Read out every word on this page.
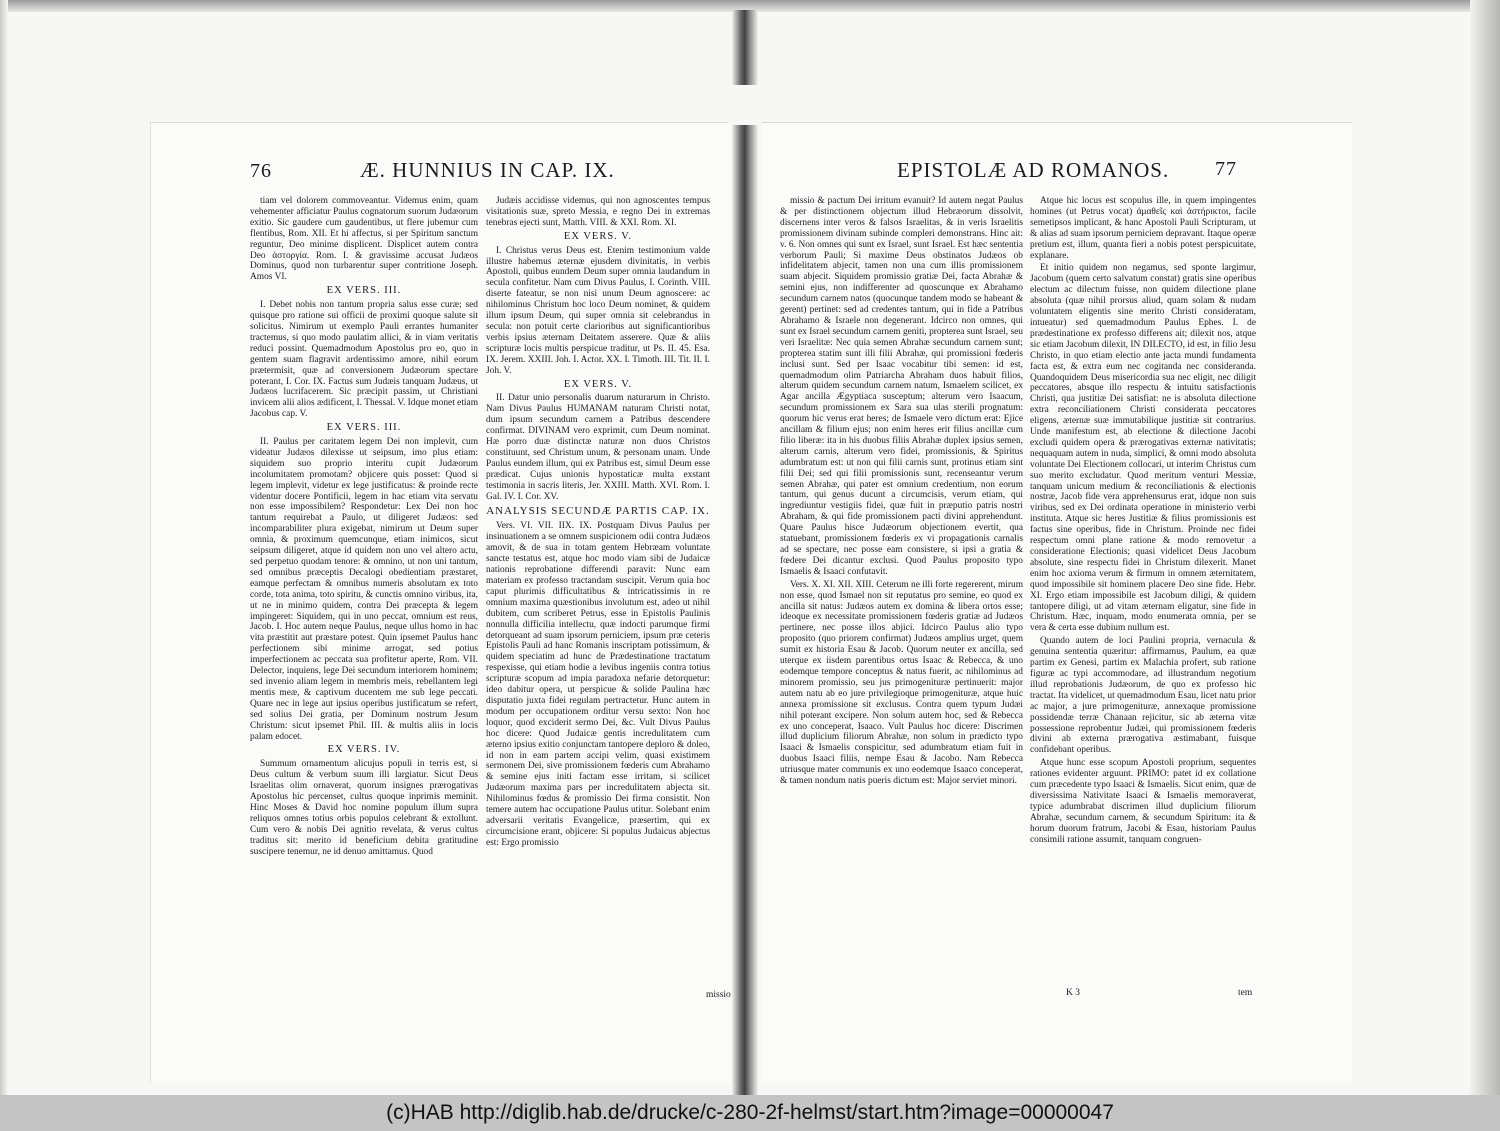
76	Æ. HUNNIUS IN CAP. IX.	EPISTOLÆ AD ROMANOS. 77

tiam vel dolorem commoveantur. Videmus enim, quam vehementer afficiatur Paulus cognatorum suorum Judæorum exitio. Sic gaudere cum gaudentibus, ut flere jubemur cum flentibus, Rom. XII. Et hi affectus, si per Spiritum sanctum reguntur, Deo minime displicent. Displicet autem contra Deo ἀστοργία. Rom. I. & gravissime accusat Judæos Dominus, quod non turbarentur super contritione Joseph. Amos VI.

EX VERS. III.

I. Debet nobis non tantum propria salus esse curæ; sed quisque pro ratione sui officii de proximi quoque salute sit solicitus. Nimirum ut exemplo Pauli errantes humaniter tractemus, si quo modo paulatim allici, & in viam veritatis reduci possint. Quemadmodum Apostolus pro eo, quo in gentem suam flagravit ardentissimo amore, nihil eorum prætermisit, quæ ad conversionem Judæorum spectare poterant, I. Cor. IX. Factus sum Judæis tanquam Judæus, ut Judæos lucrifacerem. Sic præcipit passim, ut Christiani invicem alii alios ædificent, I. Thessal. V. Idque monet etiam Jacobus cap. V.

EX VERS. III.

II. Paulus per caritatem legem Dei non implevit, cum videatur Judæos dilexisse ut seipsum, imo plus etiam: siquidem suo proprio interitu cupit Judæorum incolumitatem promotam? objicere quis posset: Quod si legem implevit, videtur ex lege justificatus: & proinde recte videntur docere Pontificii, legem in hac etiam vita servatu non esse impossibilem? Respondetur: Lex Dei non hoc tantum requirebat a Paulo, ut diligeret Judæos: sed incomparabiliter plura exigebat, nimirum ut Deum super omnia, & proximum quemcunque, etiam inimicos, sicut seipsum diligeret, atque id quidem non uno vel altero actu, sed perpetuo quodam tenore: & omnino, ut non uni tantum, sed omnibus præceptis Decalogi obedientiam præstaret, eamque perfectam & omnibus numeris absolutam ex toto corde, tota anima, toto spiritu, & cunctis omnino viribus, ita, ut ne in minimo quidem, contra Dei præcepta & legem impingeret: Siquidem, qui in uno peccat, omnium est reus, Jacob. I. Hoc autem neque Paulus, neque ullus homo in hac vita præstitit aut præstare potest. Quin ipsemet Paulus hanc perfectionem sibi minime arrogat, sed potius imperfectionem ac peccata sua profitetur aperte, Rom. VII. Delector, inquiens, lege Dei secundum interiorem hominem; sed invenio aliam legem in membris meis, rebellantem legi mentis meæ, & captivum ducentem me sub lege peccati. Quare nec in lege aut ipsius operibus justificatum se refert, sed solius Dei gratia, per Dominum nostrum Jesum Christum: sicut ipsemet Phil. III. & multis aliis in locis palam edocet.

EX VERS. IV.

Summum ornamentum alicujus populi in terris est, si Deus cultum & verbum suum illi largiatur. Sicut Deus Israelitas olim ornaverat, quorum insignes prærogativas Apostolus hic percenset, cultus quoque inprimis meminit. Hinc Moses & David hoc nomine populum illum supra reliquos omnes totius orbis populos celebrant & extollunt. Cum vero & nobis Dei agnitio revelata, & verus cultus traditus sit: merito id beneficium debita gratitudine suscipere tenemur, ne id denuo amittamus. Quod

Judæis accidisse videmus, qui non agnoscentes tempus visitationis suæ, spreto Messia, e regno Dei in extremas tenebras ejecti sunt, Matth. VIII. & XXI. Rom. XI.

EX VERS. V.

I. Christus verus Deus est. Etenim testimonium valde illustre habemus æternæ ejusdem divinitatis, in verbis Apostoli, quibus eundem Deum super omnia laudandum in secula confitetur. Nam cum Divus Paulus, I. Corinth. VIII. diserte fateatur, se non nisi unum Deum agnoscere: ac nihilominus Christum hoc loco Deum nominet, & quidem illum ipsum Deum, qui super omnia sit celebrandus in secula: non potuit certe clarioribus aut significantioribus verbis ipsius æternam Deitatem asserere. Quæ & aliis scripturæ locis multis perspicue traditur, ut Ps. II. 45. Esa. IX. Jerem. XXIII. Joh. I. Actor. XX. I. Timoth. III. Tit. II. I. Joh. V.

EX VERS. V.

II. Datur unio personalis duarum naturarum in Christo. Nam Divus Paulus HUMANAM naturam Christi notat, dum ipsum secundum carnem a Patribus descendere confirmat. DIVINAM vero exprimit, cum Deum nominat. Hæ porro duæ distinctæ naturæ non duos Christos constituunt, sed Christum unum, & personam unam. Unde Paulus eundem illum, qui ex Patribus est, simul Deum esse prædicat. Cujus unionis hypostaticæ multa exstant testimonia in sacris literis, Jer. XXIII. Matth. XVI. Rom. I. Gal. IV. I. Cor. XV.

ANALYSIS SECUNDÆ PARTIS CAP. IX.

Vers. VI. VII. IIX. IX. Postquam Divus Paulus per insinuationem a se omnem suspicionem odii contra Judæos amovit, & de sua in totam gentem Hebræam voluntate sancte testatus est, atque hoc modo viam sibi de Judaicæ nationis reprobatione differendi paravit: Nunc eam materiam ex professo tractandam suscipit. Verum quia hoc caput plurimis difficultatibus & intricatissimis in re omnium maxima quæstionibus involutum est, adeo ut nihil dubitem, cum scriberet Petrus, esse in Epistolis Paulinis nonnulla difficilia intellectu, quæ indocti parumque firmi detorqueant ad suam ipsorum perniciem, ipsum præ ceteris Epistolis Pauli ad hanc Romanis inscriptam potissimum, & quidem speciatim ad hunc de Prædestinatione tractatum respexisse, qui etiam hodie a levibus ingeniis contra totius scripturæ scopum ad impia paradoxa nefarie detorquetur: ideo dabitur opera, ut perspicue & solide Paulina hæc disputatio juxta fidei regulam pertractetur. Hunc autem in modum per occupationem orditur versu sexto: Non hoc loquor, quod exciderit sermo Dei, &c. Vult Divus Paulus hoc dicere: Quod Judaicæ gentis incredulitatem cum æterno ipsius exitio conjunctam tantopere deploro & doleo, id non in eam partem accipi velim, quasi existimem sermonem Dei, sive promissionem fœderis cum Abrahamo & semine ejus initi factam esse irritam, si scilicet Judæorum maxima pars per incredulitatem abjecta sit. Nihilominus fœdus & promissio Dei firma consistit. Non temere autem hac occupatione Paulus utitur. Solebant enim adversarii veritatis Evangelicæ, præsertim, qui ex circumcisione erant, objicere: Si populus Judaicus abjectus est: Ergo promissio

missio & pactum Dei irritum evanuit? Id autem negat Paulus & per distinctionem objectum illud Hebræorum dissolvit, discernens inter veros & falsos Israelitas, & in veris Israelitis promissionem divinam subinde compleri demonstrans. Hinc ait: v. 6. Non omnes qui sunt ex Israel, sunt Israel. Est hæc sententia verborum Pauli; Si maxime Deus obstinatos Judæos ob infidelitatem abjecit, tamen non una cum illis promissionem suam abjecit. Siquidem promissio gratiæ Dei, facta Abrahæ & semini ejus, non indifferenter ad quoscunque ex Abrahamo secundum carnem natos (quocunque tandem modo se habeant & gerent) pertinet: sed ad credentes tantum, qui in fide a Patribus Abrahamo & Israele non degenerant. Idcirco non omnes, qui sunt ex Israel secundum carnem geniti, propterea sunt Israel, seu veri Israelitæ: Nec quia semen Abrahæ secundum carnem sunt; propterea statim sunt illi filii Abrahæ, qui promissioni fœderis inclusi sunt. Sed per Isaac vocabitur tibi semen: id est, quemadmodum olim Patriarcha Abraham duos habuit filios, alterum quidem secundum carnem natum, Ismaelem scilicet, ex Agar ancilla Ægyptiaca susceptum; alterum vero Isaacum, secundum promissionem ex Sara sua ulas sterili prognatum: quorum hic verus erat heres; de Ismaele vero dictum erat: Ejice ancillam & filium ejus; non enim heres erit filius ancillæ cum filio liberæ: ita in his duobus filiis Abrahæ duplex ipsius semen, alterum carnis, alterum vero fidei, promissionis, & Spiritus adumbratum est: ut non qui filii carnis sunt, protinus etiam sint filii Dei; sed qui filii promissionis sunt, recenseantur verum semen Abrahæ, qui pater est omnium credentium, non eorum tantum, qui genus ducunt a circumcisis, verum etiam, qui ingrediuntur vestigiis fidei, quæ fuit in præputio patris nostri Abraham, & qui fide promissionem pacti divini apprehendunt. Quare Paulus hisce Judæorum objectionem evertit, qua statuebant, promissionem fœderis ex vi propagationis carnalis ad se spectare, nec posse eam consistere, si ipsi a gratia & fœdere Dei dicantur exclusi. Quod Paulus proposito typo Ismaelis & Isaaci confutavit.

Vers. X. XI. XII. XIII. Ceterum ne illi forte regererent, mirum non esse, quod Ismael non sit reputatus pro semine, eo quod ex ancilla sit natus: Judæos autem ex domina & libera ortos esse; ideoque ex necessitate promissionem fœderis gratiæ ad Judæos pertinere, nec posse illos abjici. Idcirco Paulus alio typo proposito (quo priorem confirmat) Judæos amplius urget, quem sumit ex historia Esau & Jacob. Quorum neuter ex ancilla, sed uterque ex iisdem parentibus ortus Isaac & Rebecca, & uno eodemque tempore conceptus & natus fuerit, ac nihilominus ad minorem promissio, seu jus primogenituræ pertinuerit: major autem natu ab eo jure privilegioque primogenituræ, atque huic annexa promissione sit exclusus. Contra quem typum Judæi nihil poterant excipere. Non solum autem hoc, sed & Rebecca ex uno conceperat, Isaaco. Vult Paulus hoc dicere: Discrimen illud duplicium filiorum Abrahæ, non solum in prædicto typo Isaaci & Ismaelis conspicitur, sed adumbratum etiam fuit in duobus Isaaci filiis, nempe Esau & Jacobo. Nam Rebecca utriusque mater communis ex uno eodemque Isaaco conceperat, & tamen nondum natis pueris dictum est: Major serviet minori.

Atque hic locus est scopulus ille, in quem impingentes homines (ut Petrus vocat) ἀμαθεῖς καὶ ἀστήρικτοι, facile semetipsos implicant, & hanc Apostoli Pauli Scripturam, ut & alias ad suam ipsorum perniciem depravant. Itaque operæ pretium est, illum, quanta fieri a nobis potest perspicuitate, explanare.

Et initio quidem non negamus, sed sponte largimur, Jacobum (quem certo salvatum constat) gratis sine operibus electum ac dilectum fuisse, non quidem dilectione plane absoluta (quæ nihil prorsus aliud, quam solam & nudam voluntatem eligentis sine merito Christi consideratam, intueatur) sed quemadmodum Paulus Ephes. I. de prædestinatione ex professo differens ait; dilexit nos, atque sic etiam Jacobum dilexit, IN DILECTO, id est, in filio Jesu Christo, in quo etiam electio ante jacta mundi fundamenta facta est, & extra eum nec cogitanda nec consideranda. Quandoquidem Deus misericordia sua nec eligit, nec diligit peccatores, absque illo respectu & intuitu satisfactionis Christi, qua justitiæ Dei satisfiat: ne is absoluta dilectione extra reconciliationem Christi considerata peccatores eligens, æternæ suæ immutabilique justitiæ sit contrarius. Unde manifestum est, ab electione & dilectione Jacobi excludi quidem opera & prærogativas externæ nativitatis; nequaquam autem in nuda, simplici, & omni modo absoluta voluntate Dei Electionem collocari, ut interim Christus cum suo merito excludatur. Quod meritum venturi Messiæ, tanquam unicum medium & reconciliationis & electionis nostræ, Jacob fide vera apprehensurus erat, idque non suis viribus, sed ex Dei ordinata operatione in ministerio verbi instituta. Atque sic heres Justitiæ & filius promissionis est factus sine operibus, fide in Christum. Proinde nec fidei respectum omni plane ratione & modo removetur a consideratione Electionis; quasi videlicet Deus Jacobum absolute, sine respectu fidei in Christum dilexerit. Manet enim hoc axioma verum & firmum in omnem æternitatem, quod impossibile sit hominem placere Deo sine fide. Hebr. XI. Ergo etiam impossibile est Jacobum diligi, & quidem tantopere diligi, ut ad vitam æternam eligatur, sine fide in Christum. Hæc, inquam, modo enumerata omnia, per se vera & certa esse dubium nullum est.

Quando autem de loci Paulini propria, vernacula & genuina sententia quæritur: affirmamus, Paulum, ea quæ partim ex Genesi, partim ex Malachia profert, sub ratione figuræ ac typi accommodare, ad illustrandum negotium illud reprobationis Judæorum, de quo ex professo hic tractat. Ita videlicet, ut quemadmodum Esau, licet natu prior ac major, a jure primogenituræ, annexaque promissione possidendæ terræ Chanaan rejicitur, sic ab æterna vitæ possessione reprobentur Judæi, qui promissionem fœderis divini ab externa prærogativa æstimabant, fuisque confidebant operibus.

Atque hunc esse scopum Apostoli proprium, sequentes rationes evidenter arguunt. PRIMO: patet id ex collatione cum præcedente typo Isaaci & Ismaelis. Sicut enim, quæ de diversissima Nativitate Isaaci & Ismaelis memoraverat, typice adumbrabat discrimen illud duplicium filiorum Abrahæ, secundum carnem, & secundum Spiritum: ita & horum duorum fratrum, Jacobi & Esau, historiam Paulus consimili ratione assumit, tanquam congruen-

missio	K 3	tem
(c)HAB http://diglib.hab.de/drucke/c-280-2f-helmst/start.htm?image=00000047
